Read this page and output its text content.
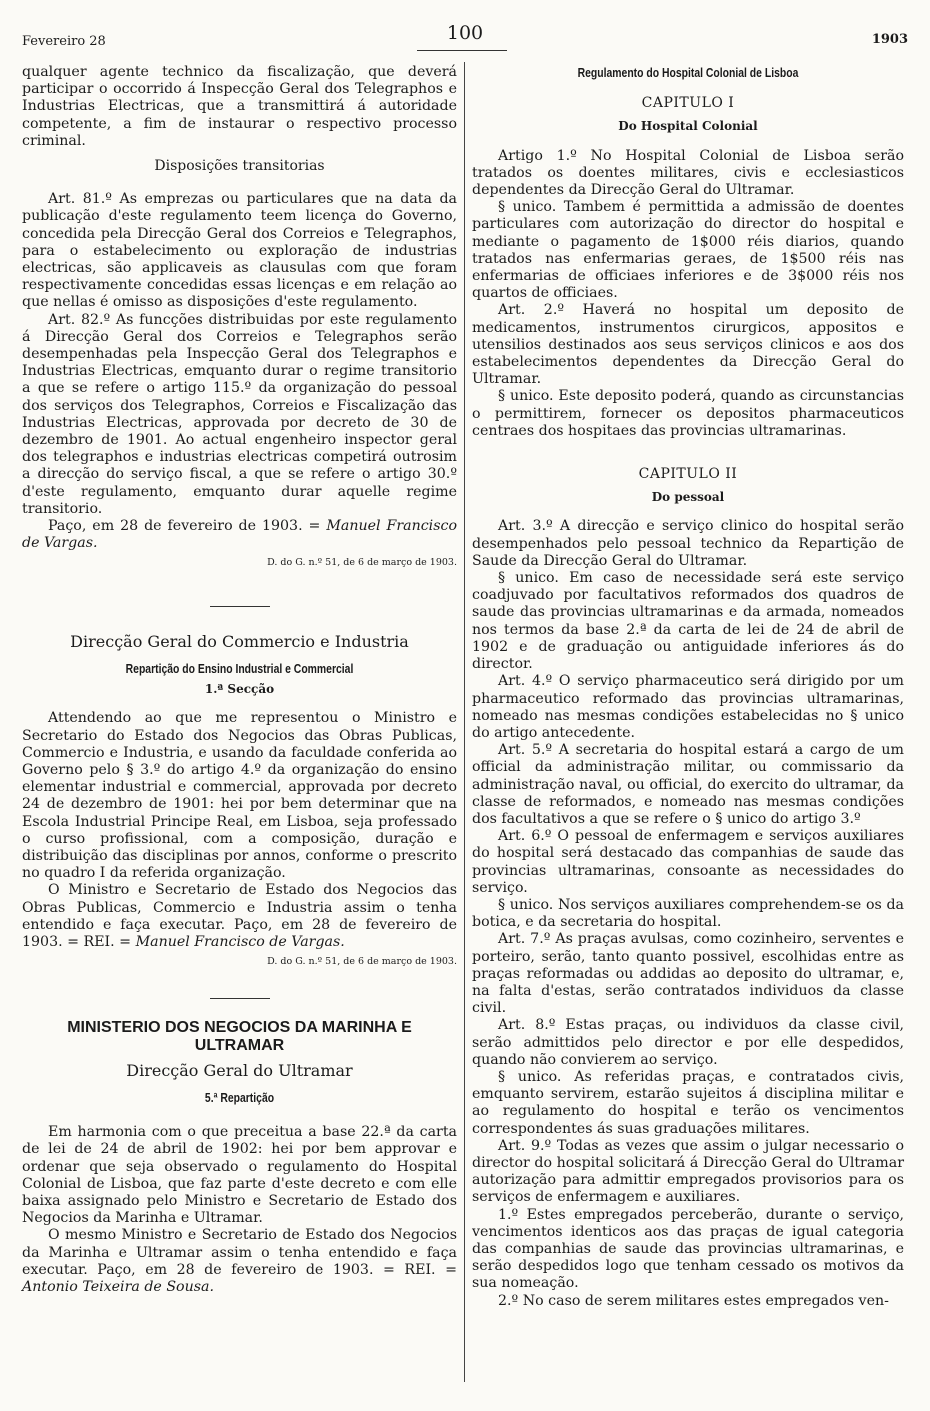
Fevereiro 28	100	1903

qualquer agente technico da fiscalização, que deverá participar o occorrido á Inspecção Geral dos Telegraphos e Industrias Electricas, que a transmittirá á autoridade competente, a fim de instaurar o respectivo processo criminal.

Disposições transitorias

Art. 81.º As emprezas ou particulares que na data da publicação d'este regulamento teem licença do Governo, concedida pela Direcção Geral dos Correios e Telegraphos, para o estabelecimento ou exploração de industrias electricas, são applicaveis as clausulas com que foram respectivamente concedidas essas licenças e em relação ao que nellas é omisso as disposições d'este regulamento.

Art. 82.º As funcções distribuidas por este regulamento á Direcção Geral dos Correios e Telegraphos serão desempenhadas pela Inspecção Geral dos Telegraphos e Industrias Electricas, emquanto durar o regime transitorio a que se refere o artigo 115.º da organização do pessoal dos serviços dos Telegraphos, Correios e Fiscalização das Industrias Electricas, approvada por decreto de 30 de dezembro de 1901. Ao actual engenheiro inspector geral dos telegraphos e industrias electricas competirá outrosim a direcção do serviço fiscal, a que se refere o artigo 30.º d'este regulamento, emquanto durar aquelle regime transitorio.

Paço, em 28 de fevereiro de 1903. = Manuel Francisco de Vargas.

D. do G. n.º 51, de 6 de março de 1903.
Direcção Geral do Commercio e Industria
Repartição do Ensino Industrial e Commercial
1.ª Secção

Attendendo ao que me representou o Ministro e Secretario do Estado dos Negocios das Obras Publicas, Commercio e Industria, e usando da faculdade conferida ao Governo pelo § 3.º do artigo 4.º da organização do ensino elementar industrial e commercial, approvada por decreto 24 de dezembro de 1901: hei por bem determinar que na Escola Industrial Principe Real, em Lisboa, seja professado o curso profissional, com a composição, duração e distribuição das disciplinas por annos, conforme o prescrito no quadro I da referida organização.

O Ministro e Secretario de Estado dos Negocios das Obras Publicas, Commercio e Industria assim o tenha entendido e faça executar. Paço, em 28 de fevereiro de 1903. = REI. = Manuel Francisco de Vargas.

D. do G. n.º 51, de 6 de março de 1903.
MINISTERIO DOS NEGOCIOS DA MARINHA E ULTRAMAR
Direcção Geral do Ultramar
5.ª Repartição

Em harmonia com o que preceitua a base 22.ª da carta de lei de 24 de abril de 1902: hei por bem approvar e ordenar que seja observado o regulamento do Hospital Colonial de Lisboa, que faz parte d'este decreto e com elle baixa assignado pelo Ministro e Secretario de Estado dos Negocios da Marinha e Ultramar.

O mesmo Ministro e Secretario de Estado dos Negocios da Marinha e Ultramar assim o tenha entendido e faça executar. Paço, em 28 de fevereiro de 1903. = REI. = Antonio Teixeira de Sousa.

Regulamento do Hospital Colonial de Lisboa
CAPITULO I
Do Hospital Colonial

Artigo 1.º No Hospital Colonial de Lisboa serão tratados os doentes militares, civis e ecclesiasticos dependentes da Direcção Geral do Ultramar.

§ unico. Tambem é permittida a admissão de doentes particulares com autorização do director do hospital e mediante o pagamento de 1$000 réis diarios, quando tratados nas enfermarias geraes, de 1$500 réis nas enfermarias de officiaes inferiores e de 3$000 réis nos quartos de officiaes.

Art. 2.º Haverá no hospital um deposito de medicamentos, instrumentos cirurgicos, appositos e utensilios destinados aos seus serviços clinicos e aos dos estabelecimentos dependentes da Direcção Geral do Ultramar.

§ unico. Este deposito poderá, quando as circunstancias o permittirem, fornecer os depositos pharmaceuticos centraes dos hospitaes das provincias ultramarinas.

CAPITULO II
Do pessoal

Art. 3.º A direcção e serviço clinico do hospital serão desempenhados pelo pessoal technico da Repartição de Saude da Direcção Geral do Ultramar.

§ unico. Em caso de necessidade será este serviço coadjuvado por facultativos reformados dos quadros de saude das provincias ultramarinas e da armada, nomeados nos termos da base 2.ª da carta de lei de 24 de abril de 1902 e de graduação ou antiguidade inferiores ás do director.

Art. 4.º O serviço pharmaceutico será dirigido por um pharmaceutico reformado das provincias ultramarinas, nomeado nas mesmas condições estabelecidas no § unico do artigo antecedente.

Art. 5.º A secretaria do hospital estará a cargo de um official da administração militar, ou commissario da administração naval, ou official, do exercito do ultramar, da classe de reformados, e nomeado nas mesmas condições dos facultativos a que se refere o § unico do artigo 3.º

Art. 6.º O pessoal de enfermagem e serviços auxiliares do hospital será destacado das companhias de saude das provincias ultramarinas, consoante as necessidades do serviço.

§ unico. Nos serviços auxiliares comprehendem-se os da botica, e da secretaria do hospital.

Art. 7.º As praças avulsas, como cozinheiro, serventes e porteiro, serão, tanto quanto possivel, escolhidas entre as praças reformadas ou addidas ao deposito do ultramar, e, na falta d'estas, serão contratados individuos da classe civil.

Art. 8.º Estas praças, ou individuos da classe civil, serão admittidos pelo director e por elle despedidos, quando não convierem ao serviço.

§ unico. As referidas praças, e contratados civis, emquanto servirem, estarão sujeitos á disciplina militar e ao regulamento do hospital e terão os vencimentos correspondentes ás suas graduações militares.

Art. 9.º Todas as vezes que assim o julgar necessario o director do hospital solicitará á Direcção Geral do Ultramar autorização para admittir empregados provisorios para os serviços de enfermagem e auxiliares.

1.º Estes empregados perceberão, durante o serviço, vencimentos identicos aos das praças de igual categoria das companhias de saude das provincias ultramarinas, e serão despedidos logo que tenham cessado os motivos da sua nomeação.

2.º No caso de serem militares estes empregados ven-
